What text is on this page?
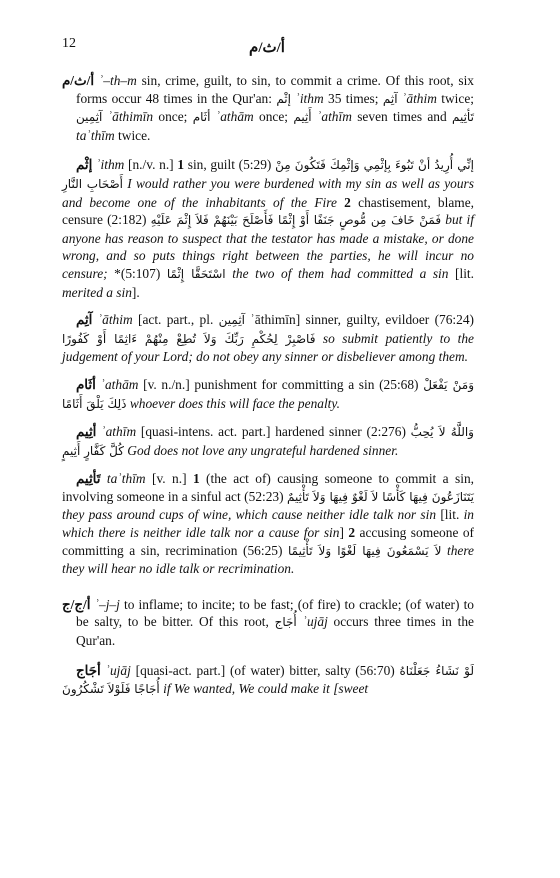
12	أ/ث/م

أ/ث/م ʾ–th–m sin, crime, guilt, to sin, to commit a crime. Of this root, six forms occur 48 times in the Qur'an: إثْم ʾithm 35 times; آثِم ʾāthim twice; آثِمِين ʾāthimīn once; أثَام ʾathām once; أَثِيم ʾathīm seven times and تَأثِيم taʾthīm twice.

إثْم ʾithm [n./v. n.] 1 sin, guilt (5:29) إنِّي أُرِيدُ أنْ تَبُوءَ بِإثْمِي وَإثْمِكَ فَتَكُونَ مِنْ أَصْحَابِ النَّارِ I would rather you were burdened with my sin as well as yours and become one of the inhabitants of the Fire 2 chastisement, blame, censure (2:182) فَمَنْ خَافَ مِن مُّوصٍ جَنَفًا أَوْ إِثْمًا فَأَصْلَحَ بَيْنَهُمْ فَلاَ إِثْمَ عَلَيْهِ but if anyone has reason to suspect that the testator has made a mistake, or done wrong, and so puts things right between the parties, he will incur no censure; *(5:107) اسْتَحَقَّا إِثْمًا the two of them had committed a sin [lit. merited a sin].

آثِم ʾāthim [act. part., pl. آثِمِين ʾāthimīn] sinner, guilty, evildoer (76:24) فَاصْبِرْ لِحُكْمِ رَبِّكَ وَلاَ تُطِعْ مِنْهُمْ ءَاثِمًا أَوْ كَفُورًا so submit patiently to the judgement of your Lord; do not obey any sinner or disbeliever among them.

أثَام ʾathām [v. n./n.] punishment for committing a sin (25:68) وَمَنْ يَفْعَلْ ذَلِكَ يَلْقَ أَثَامًا whoever does this will face the penalty.

أثِيم ʾathīm [quasi-intens. act. part.] hardened sinner (2:276) وَاللَّهُ لاَ يُحِبُّ كُلَّ كَفَّارٍ أَثِيمٍ God does not love any ungrateful hardened sinner.

تَأثِيم taʾthīm [v. n.] 1 (the act of) causing someone to commit a sin, involving someone in a sinful act (52:23) يَتَنَازَعُونَ فِيهَا كَأْسًا لاَ لَغْوٌ فِيهَا وَلاَ تَأْثِيمٌ they pass around cups of wine, which cause neither idle talk nor sin [lit. in which there is neither idle talk nor a cause for sin] 2 accusing someone of committing a sin, recrimination (56:25) لاَ يَسْمَعُونَ فِيهَا لَغْوًا وَلاَ تَأْثِيمًا there they will hear no idle talk or recrimination.

أ/ج/ج ʾ–j–j to inflame; to incite; to be fast; (of fire) to crackle; (of water) to be salty, to be bitter. Of this root, أُجَاج ʾujāj occurs three times in the Qur'an.

أجَاج ʾujāj [quasi-act. part.] (of water) bitter, salty (56:70) لَوْ نَشَاءُ جَعَلْنَاهُ أُجَاجًا فَلَوْلاَ تَشْكُرُونَ if We wanted, We could make it [sweet
